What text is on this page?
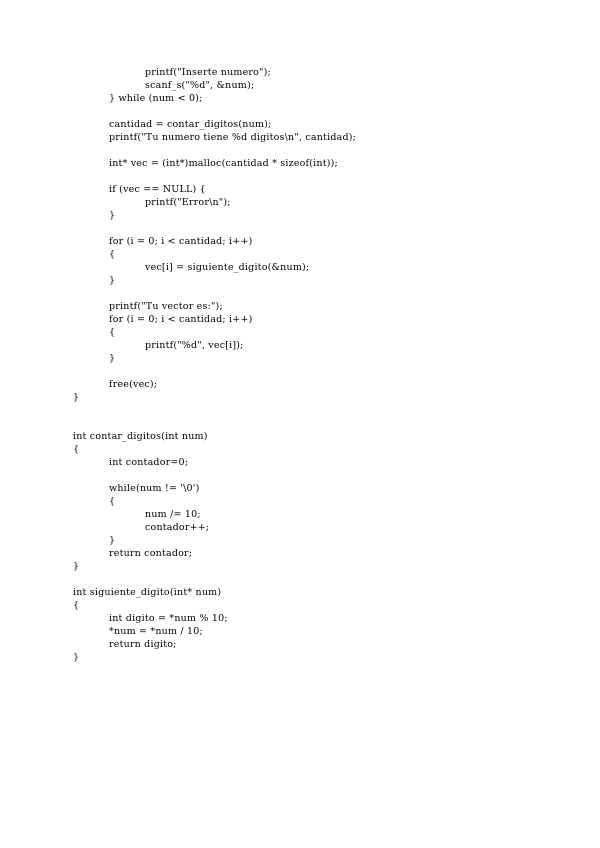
printf("Inserte numero");
scanf_s("%d", &num);
} while (num < 0);
cantidad = contar_digitos(num);
printf("Tu numero tiene %d digitos\n", cantidad);
int* vec = (int*)malloc(cantidad * sizeof(int));
if (vec == NULL) {
printf("Error\n");
}
for (i = 0; i < cantidad; i++)
{
vec[i] = siguiente_digito(&num);
}
printf("Tu vector es:");
for (i = 0; i < cantidad; i++)
{
printf("%d", vec[i]);
}
free(vec);
}
int contar_digitos(int num)
{
int contador=0;
while(num != '\0')
{
num /= 10;
contador++;
}
return contador;
}
int siguiente_digito(int* num)
{
int digito = *num % 10;
*num = *num / 10;
return digito;
}
